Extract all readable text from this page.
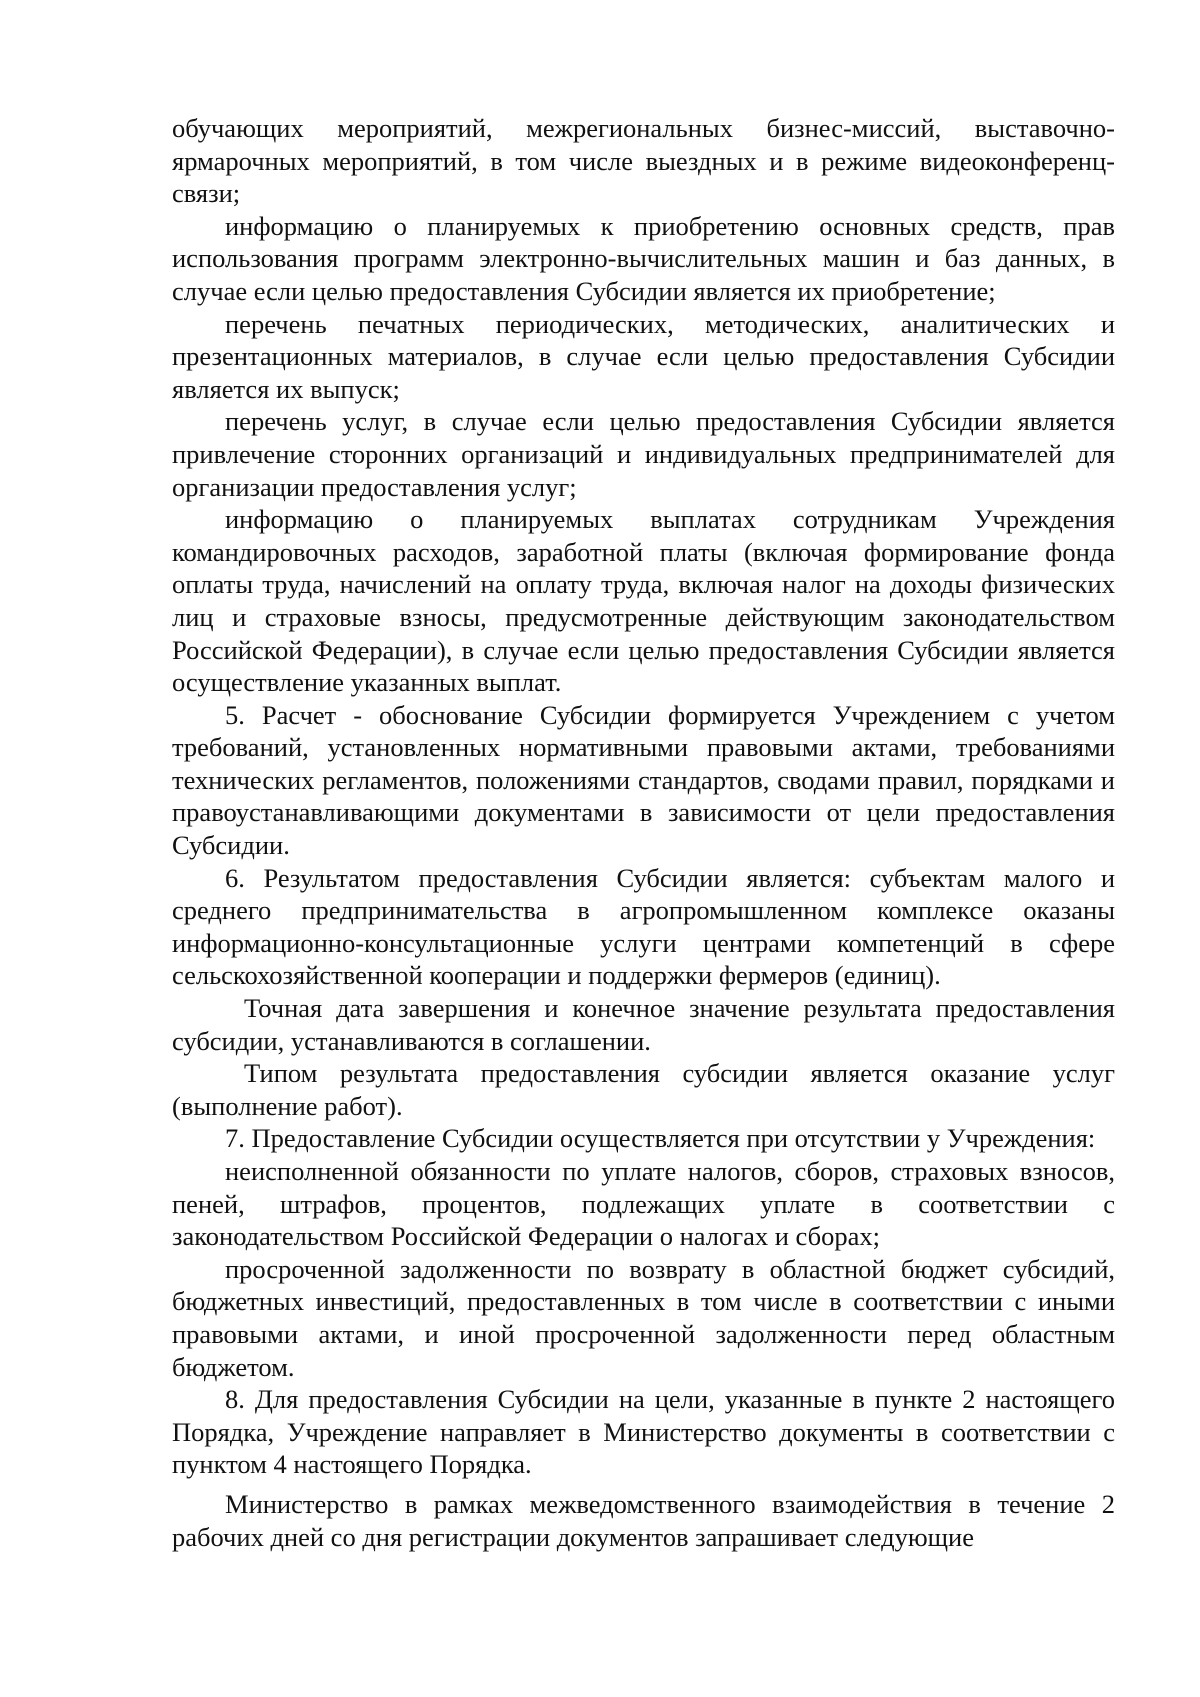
обучающих мероприятий, межрегиональных бизнес-миссий, выставочно-ярмарочных мероприятий, в том числе выездных и в режиме видеоконференц-связи;

информацию о планируемых к приобретению основных средств, прав использования программ электронно-вычислительных машин и баз данных, в случае если целью предоставления Субсидии является их приобретение;

перечень печатных периодических, методических, аналитических и презентационных материалов, в случае если целью предоставления Субсидии является их выпуск;

перечень услуг, в случае если целью предоставления Субсидии является привлечение сторонних организаций и индивидуальных предпринимателей для организации предоставления услуг;

информацию о планируемых выплатах сотрудникам Учреждения командировочных расходов, заработной платы (включая формирование фонда оплаты труда, начислений на оплату труда, включая налог на доходы физических лиц и страховые взносы, предусмотренные действующим законодательством Российской Федерации), в случае если целью предоставления Субсидии является осуществление указанных выплат.

5. Расчет - обоснование Субсидии формируется Учреждением с учетом требований, установленных нормативными правовыми актами, требованиями технических регламентов, положениями стандартов, сводами правил, порядками и правоустанавливающими документами в зависимости от цели предоставления Субсидии.

6. Результатом предоставления Субсидии является: субъектам малого и среднего предпринимательства в агропромышленном комплексе оказаны информационно-консультационные услуги центрами компетенций в сфере сельскохозяйственной кооперации и поддержки фермеров (единиц).

Точная дата завершения и конечное значение результата предоставления субсидии, устанавливаются в соглашении.

Типом результата предоставления субсидии является оказание услуг (выполнение работ).

7. Предоставление Субсидии осуществляется при отсутствии у Учреждения:

неисполненной обязанности по уплате налогов, сборов, страховых взносов, пеней, штрафов, процентов, подлежащих уплате в соответствии с законодательством Российской Федерации о налогах и сборах;

просроченной задолженности по возврату в областной бюджет субсидий, бюджетных инвестиций, предоставленных в том числе в соответствии с иными правовыми актами, и иной просроченной задолженности перед областным бюджетом.

8. Для предоставления Субсидии на цели, указанные в пункте 2 настоящего Порядка, Учреждение направляет в Министерство документы в соответствии с пунктом 4 настоящего Порядка.

Министерство в рамках межведомственного взаимодействия в течение 2 рабочих дней со дня регистрации документов запрашивает следующие
